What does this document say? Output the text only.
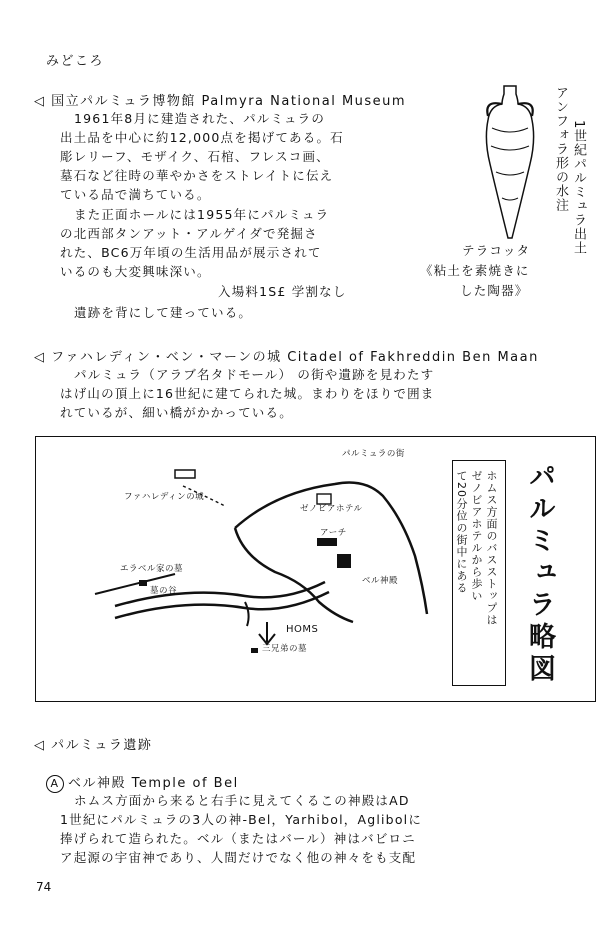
みどころ
◁ 国立パルミュラ博物館 Palmyra National Museum
1961年8月に建造された、パルミュラの
出土品を中心に約12,000点を掲げてある。石
彫レリーフ、モザイク、石棺、フレスコ画、
墓石など往時の華やかさをストレイトに伝え
ている品で満ちている。
また正面ホールには1955年にパルミュラ
の北西部タンアット・アルゲイダで発掘さ
れた、BC6万年頃の生活用品が展示されて
いるのも大変興味深い。
入場料1S£ 学割なし
遺跡を背にして建っている。
1世紀パルミュラ出土
アンフォラ形の水注
テラコッタ
《粘土を素焼きに
した陶器》
◁ ファハレディン・ベン・マーンの城 Citadel of Fakhreddin Ben Maan
パルミュラ（アラブ名タドモール） の街や遺跡を見わたす
はげ山の頂上に16世紀に建てられた城。まわりをほりで囲ま
れているが、細い橋がかかっている。
パルミュラの街
ファハレディンの城
ゼノビアホテル
アーチ
エラベル家の墓
墓の谷
ベル神殿
HOMS
三兄弟の墓
ホムス方面のバスストップは
ゼノビアホテルから歩い
て20分位の街中にある パルミュラ略図
◁ パルミュラ遺跡
A ベル神殿 Temple of Bel
ホムス方面から来ると右手に見えてくるこの神殿はAD
1世紀にパルミュラの3人の神-Bel，Yarhibol，Aglibolに
捧げられて造られた。ベル（またはバール）神はバビロニ
ア起源の宇宙神であり、人間だけでなく他の神々をも支配
74
